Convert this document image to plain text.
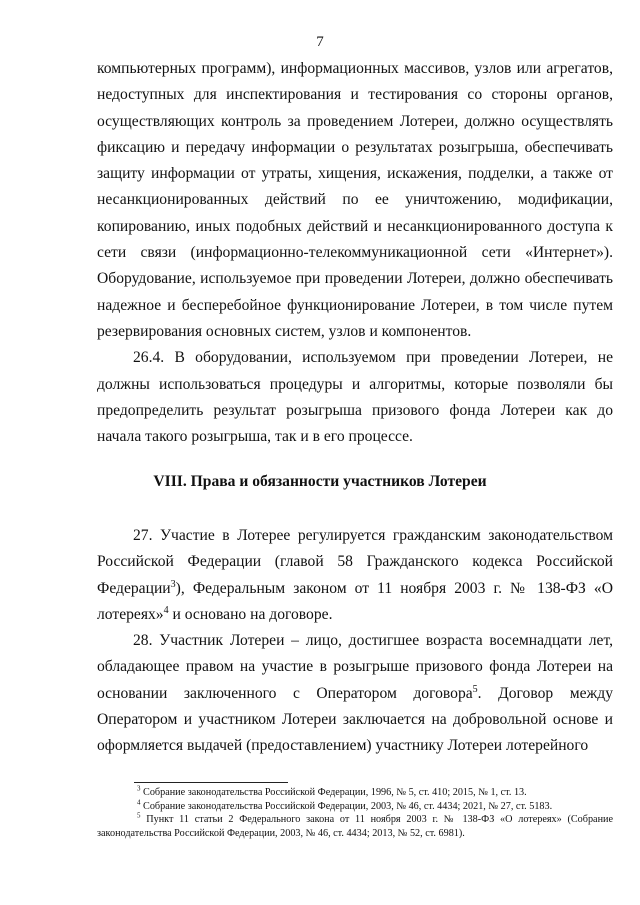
7

компьютерных программ), информационных массивов, узлов или агрегатов, недоступных для инспектирования и тестирования со стороны органов, осуществляющих контроль за проведением Лотереи, должно осуществлять фиксацию и передачу информации о результатах розыгрыша, обеспечивать защиту информации от утраты, хищения, искажения, подделки, а также от несанкционированных действий по ее уничтожению, модификации, копированию, иных подобных действий и несанкционированного доступа к сети связи (информационно-телекоммуникационной сети «Интернет»). Оборудование, используемое при проведении Лотереи, должно обеспечивать надежное и бесперебойное функционирование Лотереи, в том числе путем резервирования основных систем, узлов и компонентов.

26.4. В оборудовании, используемом при проведении Лотереи, не должны использоваться процедуры и алгоритмы, которые позволяли бы предопределить результат розыгрыша призового фонда Лотереи как до начала такого розыгрыша, так и в его процессе.

VIII. Права и обязанности участников Лотереи

27. Участие в Лотерее регулируется гражданским законодательством Российской Федерации (главой 58 Гражданского кодекса Российской Федерации$^3$), Федеральным законом от 11 ноября 2003 г. № 138-ФЗ «О лотереях»$^4$ и основано на договоре.

28. Участник Лотереи – лицо, достигшее возраста восемнадцати лет, обладающее правом на участие в розыгрыше призового фонда Лотереи на основании заключенного с Оператором договора$^5$. Договор между Оператором и участником Лотереи заключается на добровольной основе и оформляется выдачей (предоставлением) участнику Лотереи лотерейного

$^3$ Собрание законодательства Российской Федерации, 1996, № 5, ст. 410; 2015, № 1, ст. 13.

$^4$ Собрание законодательства Российской Федерации, 2003, № 46, ст. 4434; 2021, № 27, ст. 5183.

$^5$ Пункт 11 статьи 2 Федерального закона от 11 ноября 2003 г. № 138-ФЗ «О лотереях» (Собрание законодательства Российской Федерации, 2003, № 46, ст. 4434; 2013, № 52, ст. 6981).
